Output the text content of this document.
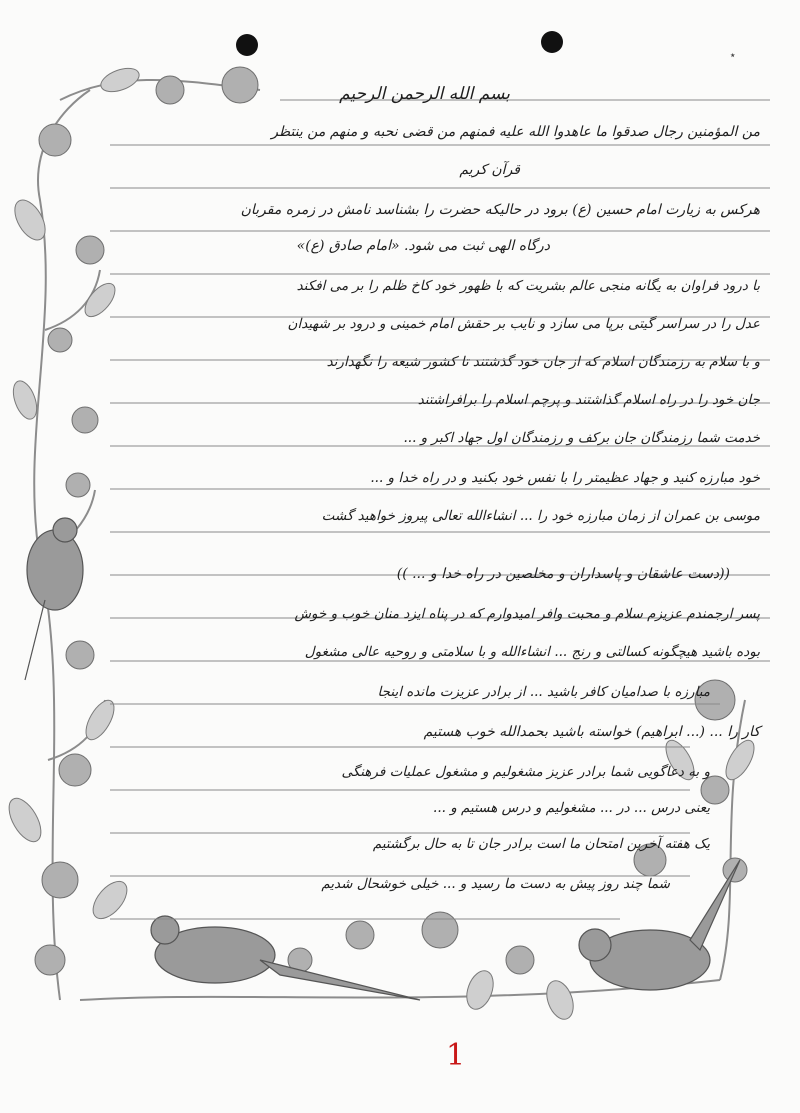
٭
بسم الله الرحمن الرحیم
من المؤمنین رجال صدقوا ما عاهدوا الله علیه فمنهم من قضی نحبه و منهم من ینتظر
قرآن کریم
هرکس به زیارت امام حسین (ع) برود در حالیکه حضرت را بشناسد نامش در زمره مقربان
درگاه الهی ثبت می شود. «امام صادق (ع)»
با درود فراوان به یگانه منجی عالم بشریت که با ظهور خود کاخ ظلم را بر می افکند
عدل را در سراسر گیتی برپا می سازد و نایب بر حقش امام خمینی و درود بر شهیدان
و با سلام به رزمندگان اسلام که از جان خود گذشتند تا کشور شیعه را نگهدارند
جان خود را در راه اسلام گذاشتند و پرچم اسلام را برافراشتند
خدمت شما رزمندگان جان برکف و رزمندگان اول جهاد اکبر و ...
خود مبارزه کنید و جهاد عظیمتر را با نفس خود بکنید و در راه خدا و ...
موسی بن عمران از زمان مبارزه خود را ... انشاءالله تعالی پیروز خواهید گشت
((دست عاشقان و پاسداران و مخلصین در راه خدا و ... ))
پسر ارجمندم عزیزم سلام و محبت وافر امیدوارم که در پناه ایزد منان خوب و خوش
بوده باشید هیچگونه کسالتی و رنج ... انشاءالله و با سلامتی و روحیه عالی مشغول
مبارزه با صدامیان کافر باشید ... از برادر عزیزت مانده اینجا
کار را ... (... ابراهیم) خواسته باشید بحمدالله خوب هستیم
و به دعاگویی شما برادر عزیز مشغولیم و مشغول عملیات فرهنگی
یعنی درس ... در ... مشغولیم و درس هستیم و ...
یک هفته آخرین امتحان ما است برادر جان تا به حال برگشتیم
شما چند روز پیش به دست ما رسید و ... خیلی خوشحال شدیم
1
